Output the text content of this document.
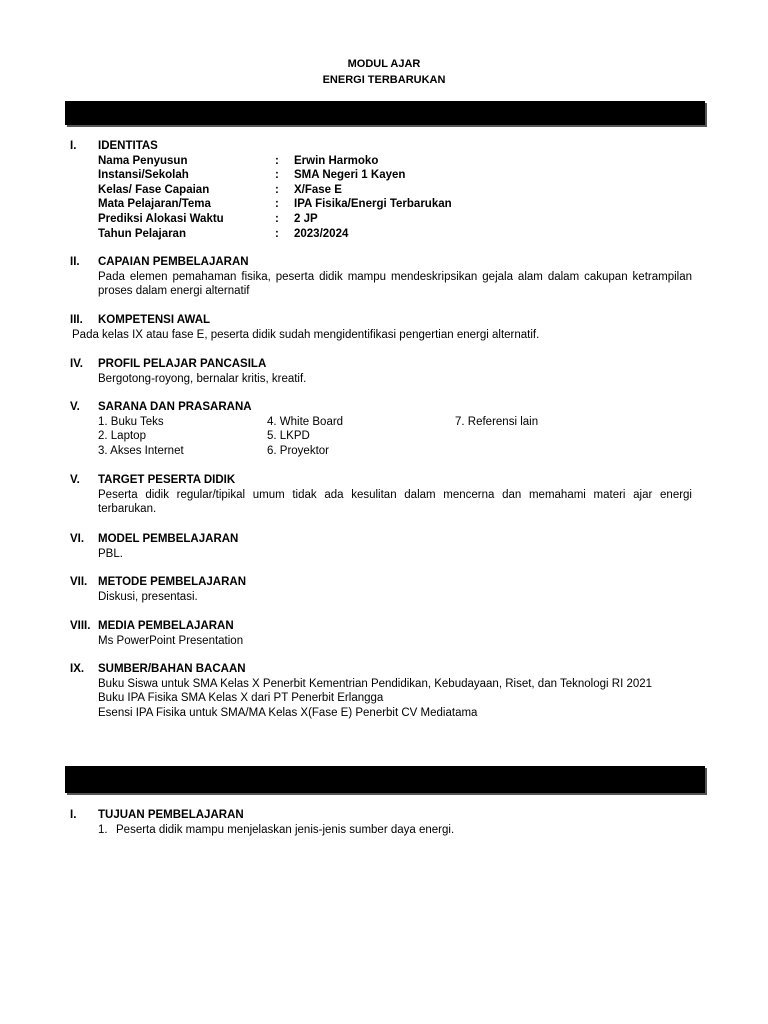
MODUL AJAR
ENERGI TERBARUKAN
I.	IDENTITAS
Nama Penyusun	:	Erwin Harmoko
Instansi/Sekolah	:	SMA Negeri 1 Kayen
Kelas/ Fase Capaian	:	X/Fase E
Mata Pelajaran/Tema	:	IPA Fisika/Energi Terbarukan
Prediksi Alokasi Waktu	:	2 JP
Tahun Pelajaran	:	2023/2024
II.	CAPAIAN PEMBELAJARAN
Pada elemen pemahaman fisika, peserta didik mampu mendeskripsikan gejala alam dalam cakupan ketrampilan proses dalam energi alternatif
III.	KOMPETENSI AWAL
Pada kelas IX atau fase E, peserta didik sudah mengidentifikasi pengertian energi alternatif.
IV.	PROFIL PELAJAR PANCASILA
Bergotong-royong, bernalar kritis, kreatif.
V.	SARANA DAN PRASARANA
1. Buku Teks	4. White Board	7. Referensi lain
2. Laptop	5. LKPD
3. Akses Internet	6. Proyektor
V.	TARGET PESERTA DIDIK
Peserta didik regular/tipikal umum tidak ada kesulitan dalam mencerna dan memahami materi ajar energi terbarukan.
VI.	MODEL PEMBELAJARAN
PBL.
VII. METODE PEMBELAJARAN
Diskusi, presentasi.
VIII. MEDIA PEMBELAJARAN
Ms PowerPoint Presentation
IX.	SUMBER/BAHAN BACAAN
Buku Siswa untuk SMA Kelas X Penerbit Kementrian Pendidikan, Kebudayaan, Riset, dan Teknologi RI 2021
Buku IPA Fisika SMA Kelas X dari PT Penerbit Erlangga
Esensi IPA Fisika untuk SMA/MA Kelas X(Fase E) Penerbit CV Mediatama
I.	TUJUAN PEMBELAJARAN
1. Peserta didik mampu menjelaskan jenis-jenis sumber daya energi.
